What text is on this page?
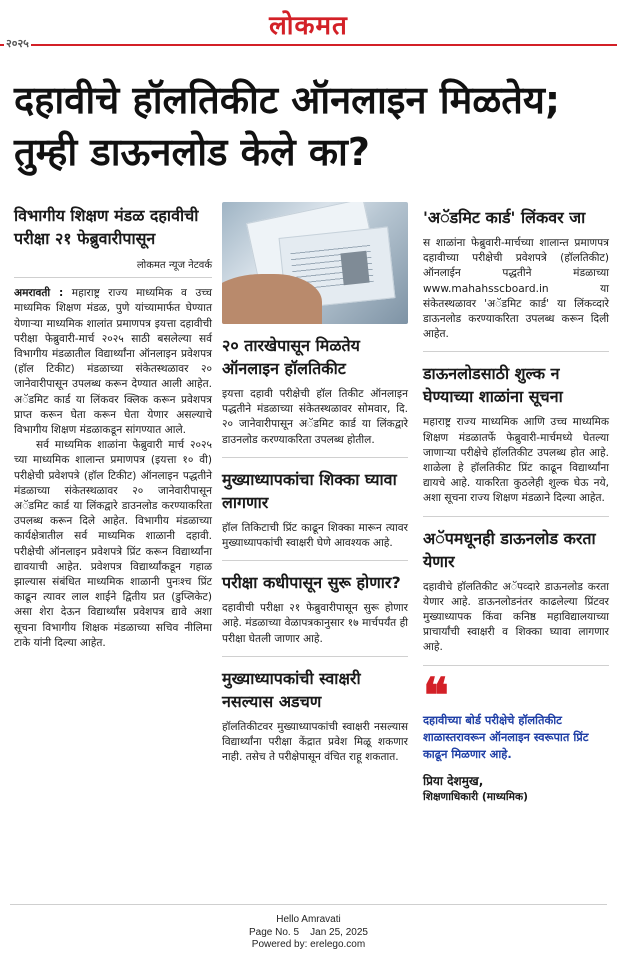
लोकमत
२०२५
दहावीचे हॉलतिकीट ऑनलाइन मिळतेय; तुम्ही डाऊनलोड केले का?
विभागीय शिक्षण मंडळ दहावीची परीक्षा २१ फेब्रुवारीपासून
लोकमत न्यूज नेटवर्क

अमरावती : महाराष्ट्र राज्य माध्यमिक व उच्च माध्यमिक शिक्षण मंडळ, पुणे यांच्यामार्फत घेण्यात येणाऱ्या माध्यमिक शालांत प्रमाणपत्र इयत्ता दहावीची परीक्षा फेब्रुवारी-मार्च २०२५ साठी बसलेल्या सर्व विभागीय मंडळातील विद्यार्थ्यांना ऑनलाइन प्रवेशपत्र (हॉल टिकीट) मंडळाच्या संकेतस्थळावर २० जानेवारीपासून उपलब्ध करून देण्यात आली आहेत. अॅडमिट कार्ड या लिंकवर क्लिक करून प्रवेशपत्र प्राप्त करून घेता करून घेता येणार असल्याचे विभागीय शिक्षण मंडळाकडून सांगण्यात आले.

सर्व माध्यमिक शाळांना फेब्रुवारी मार्च २०२५ च्या माध्यमिक शालान्त प्रमाणपत्र (इयत्ता १० वी) परीक्षेची प्रवेशपत्रे (हॉल टिकीट) ऑनलाइन पद्धतीने मंडळाच्या संकेतस्थळावर २० जानेवारीपासून अॅडमिट कार्ड या लिंकद्वारे डाउनलोड करण्याकरिता उपलब्ध करून दिले आहेत. विभागीय मंडळाच्या कार्यक्षेत्रातील सर्व माध्यमिक शाळानी दहावी. परीक्षेची ऑनलाइन प्रवेशपत्रे प्रिंट करून विद्यार्थ्यांना द्यावयाची आहेत. प्रवेशपत्र विद्यार्थ्यांकडून गहाळ झाल्यास संबंधित माध्यमिक शाळानी पुनःश्च प्रिंट काढून त्यावर लाल शाईने द्वितीय प्रत (डुप्लिकेट) असा शेरा देऊन विद्यार्थ्यांस प्रवेशपत्र द्यावे अशा सूचना विभागीय शिक्षक मंडळाच्या सचिव नीलिमा टाके यांनी दिल्या आहेत.

२० तारखेपासून मिळतेय ऑनलाइन हॉलतिकीट

इयत्ता दहावी परीक्षेची हॉल तिकीट ऑनलाइन पद्धतीने मंडळाच्या संकेतस्थळावर सोमवार, दि. २० जानेवारीपासून अॅडमिट कार्ड या लिंकद्वारे डाउनलोड करण्याकरिता उपलब्ध होतील.

मुख्याध्यापकांचा शिक्का घ्यावा लागणार

हॉल तिकिटाची प्रिंट काढून शिक्का मारून त्यावर मुख्याध्यापकांची स्वाक्षरी घेणे आवश्यक आहे.

परीक्षा कधीपासून सुरू होणार?

दहावीची परीक्षा २१ फेब्रुवारीपासून सुरू होणार आहे. मंडळाच्या वेळापत्रकानुसार १७ मार्चपर्यंत ही परीक्षा घेतली जाणार आहे.

मुख्याध्यापकांची स्वाक्षरी नसल्यास अडचण

हॉलतिकीटवर मुख्याध्यापकांची स्वाक्षरी नसल्यास विद्यार्थ्यांना परीक्षा केंद्रात प्रवेश मिळू शकणार नाही. तसेच ते परीक्षेपासून वंचित राहू शकतात.

'अॅडमिट कार्ड' लिंकवर जा

स शाळांना फेब्रुवारी-मार्चच्या शालान्त प्रमाणपत्र दहावीच्या परीक्षेची प्रवेशपत्रे (हॉलतिकीट) ऑनलाईन पद्धतीने मंडळाच्या www.mahahsscboard.in या संकेतस्थळावर 'अॅडमिट कार्ड' या लिंकव्दारे डाऊनलोड करण्याकरिता उपलब्ध करून दिली आहेत.

डाऊनलोडसाठी शुल्क न घेण्याच्या शाळांना सूचना

महाराष्ट्र राज्य माध्यमिक आणि उच्च माध्यमिक शिक्षण मंडळातर्फे फेब्रुवारी-मार्चमध्ये घेतल्या जाणाऱ्या परीक्षेचे हॉलतिकीट उपलब्ध होत आहे. शाळेला हे हॉलतिकीट प्रिंट काढून विद्यार्थ्यांना द्यायचे आहे. याकरिता कुठलेही शुल्क घेऊ नये, अशा सूचना राज्य शिक्षण मंडळाने दिल्या आहेत.

अॅपमधूनही डाऊनलोड करता येणार

दहावीचे हॉलतिकीट अॅपव्दारे डाऊनलोड करता येणार आहे. डाऊनलोडनंतर काढलेल्या प्रिंटवर मुख्याध्यापक किंवा कनिष्ठ महाविद्यालयाच्या प्राचार्यांची स्वाक्षरी व शिक्का घ्यावा लागणार आहे.

❝
दहावीच्या बोर्ड परीक्षेचे हॉलतिकीट शाळास्तरावरून ऑनलाइन स्वरूपात प्रिंट काढून मिळणार आहे.
प्रिया देशमुख,
शिक्षणाधिकारी (माध्यमिक)
Hello Amravati
Page No. 5    Jan 25, 2025
Powered by: erelego.com
